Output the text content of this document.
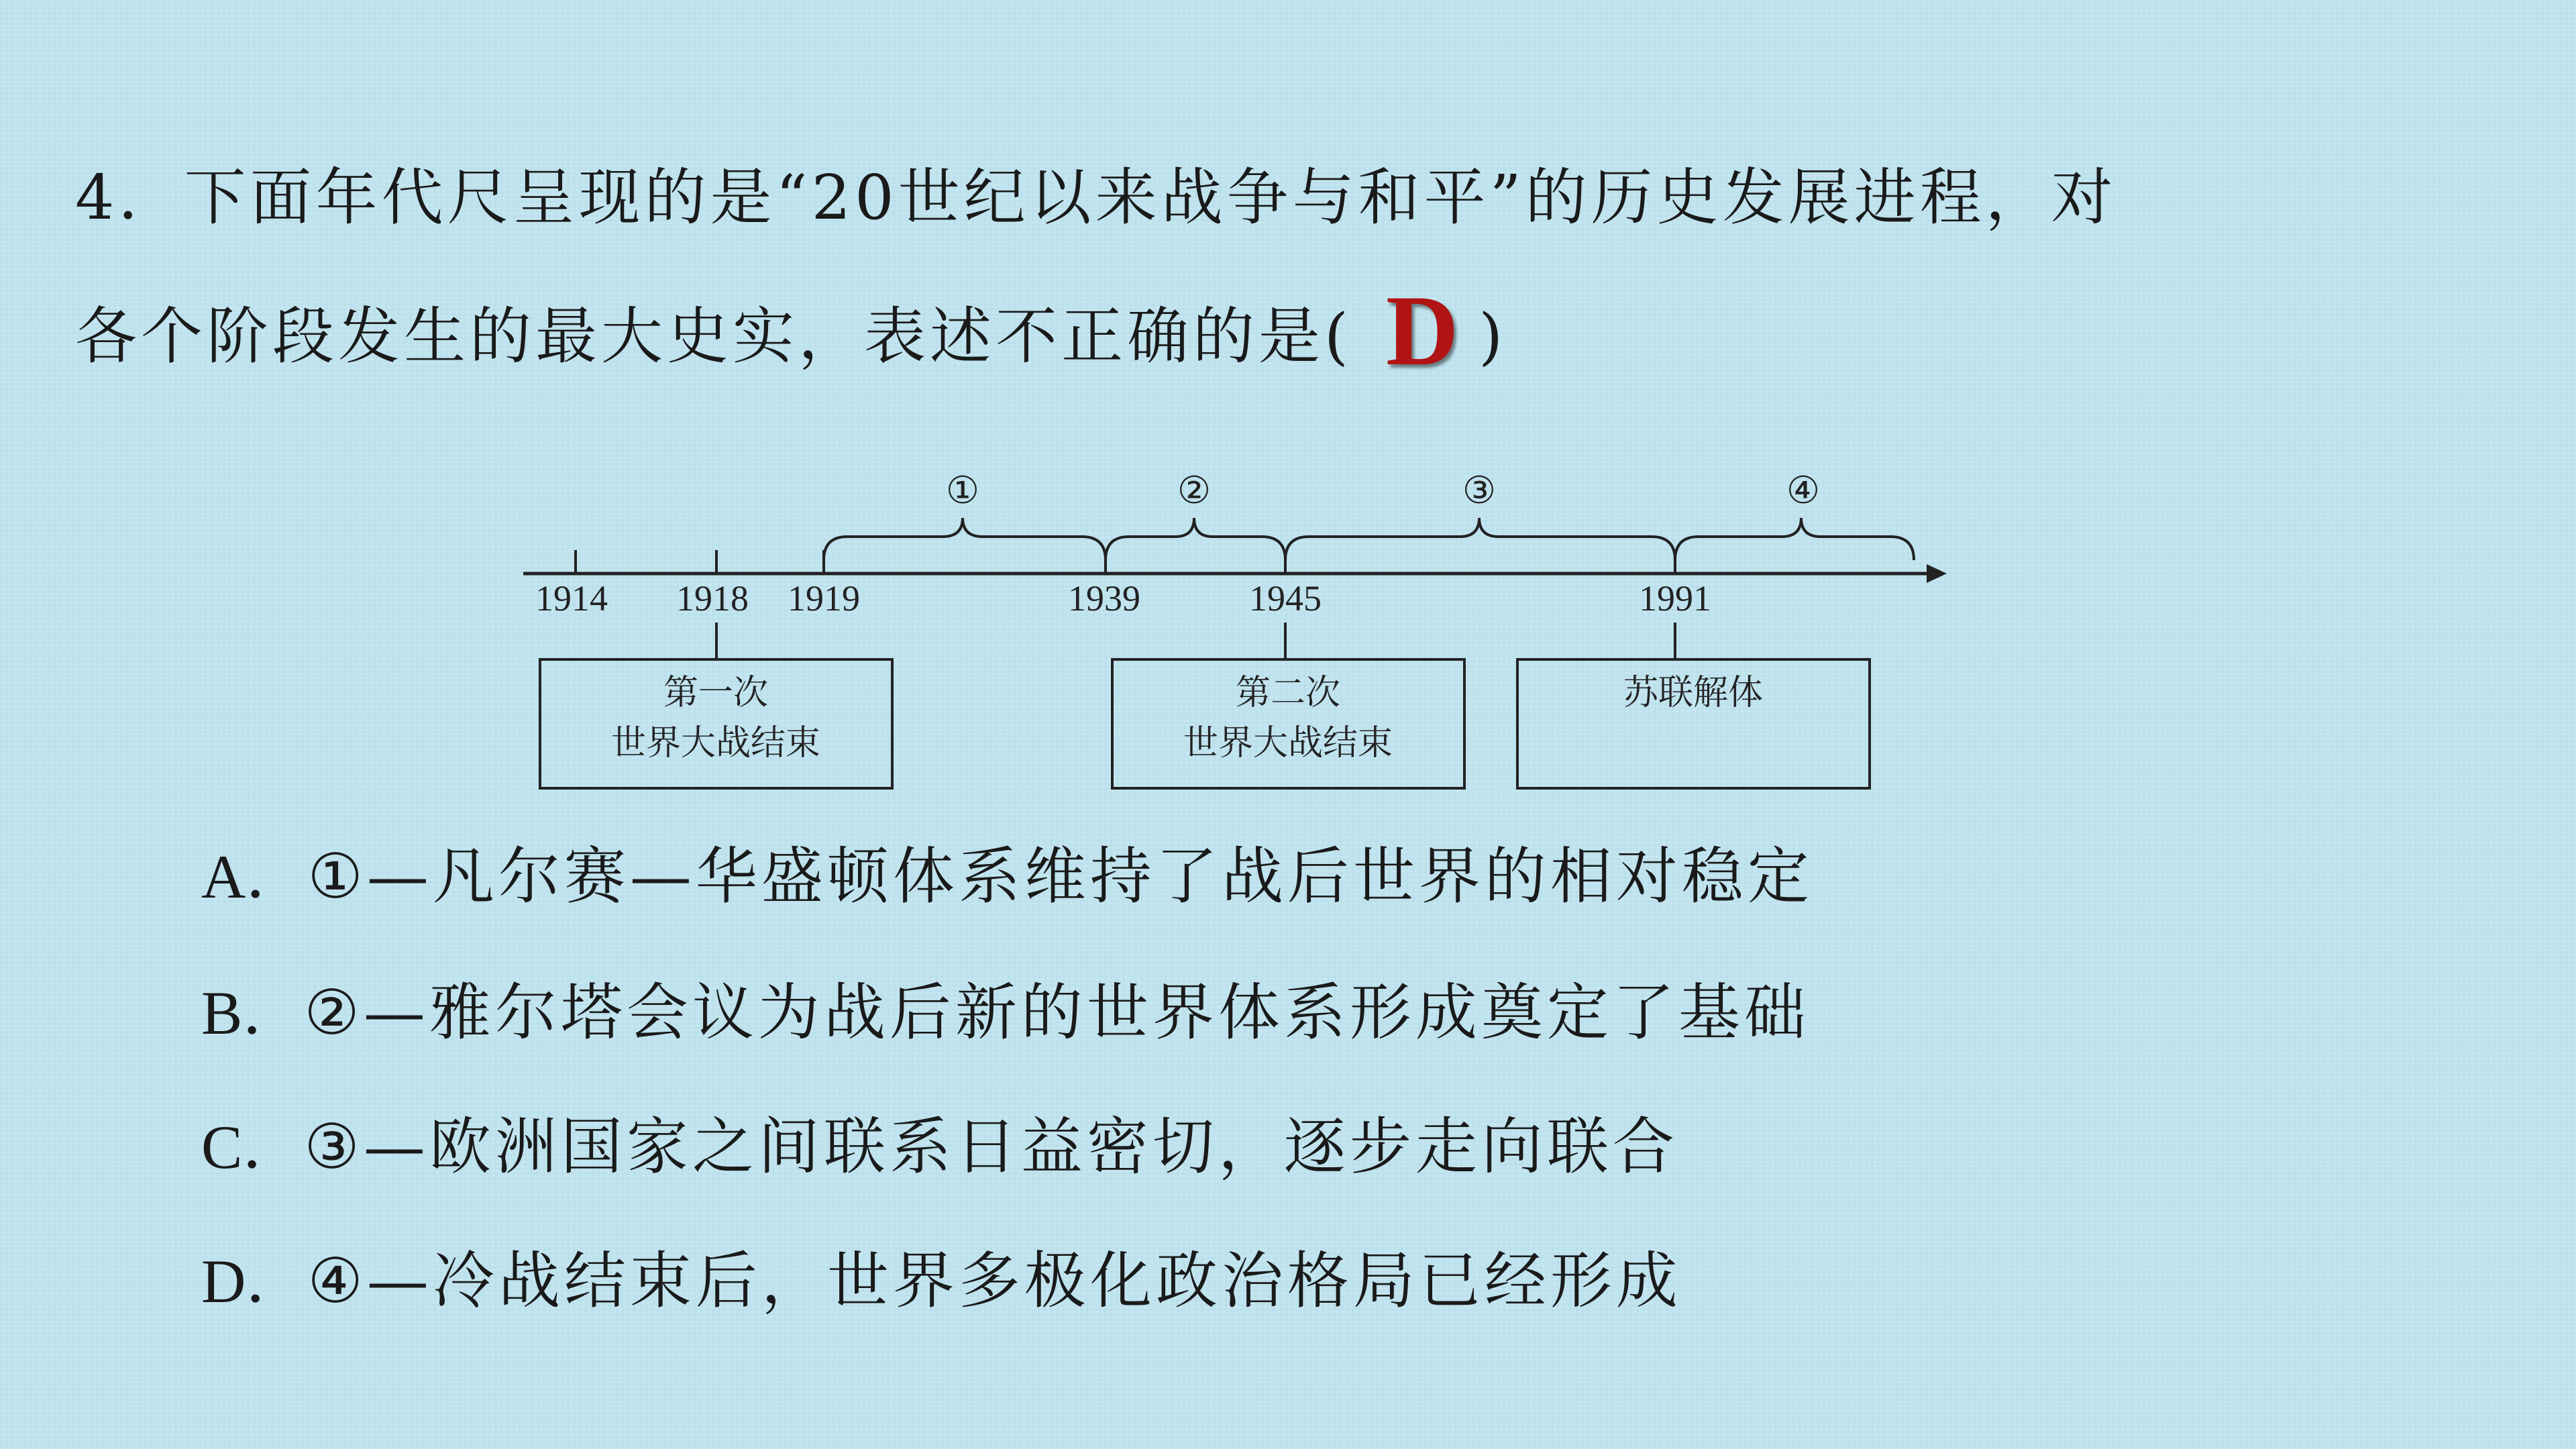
4．下面年代尺呈现的是“20世纪以来战争与和平”的历史发展进程，对
各个阶段发生的最大史实，表述不正确的是( D )
1914 1918 1919	1939	1945	1991
①	②	③	④
第一次
世界大战结束
第二次
世界大战结束
苏联解体
A．①—凡尔赛—华盛顿体系维持了战后世界的相对稳定
B．②—雅尔塔会议为战后新的世界体系形成奠定了基础
C．③—欧洲国家之间联系日益密切，逐步走向联合
D．④—冷战结束后，世界多极化政治格局已经形成
